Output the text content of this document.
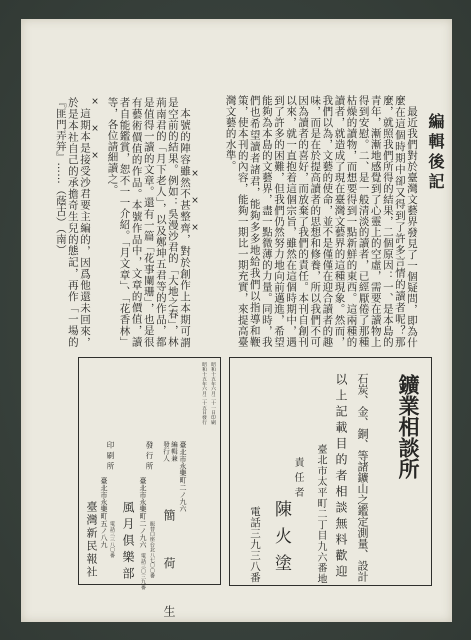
編輯後記
最近我們對於臺灣文藝界發見了一個疑問，即為什麼在這個時期中卻又得到了許多言情的讀者呢？那麼，就照我們所得的結果，二個原因：一、是本島的青年，漸漸地感覺到了心靈上的空虛，需要在讀物上得到安慰。二、是一般清淡的讀者，已經厭倦了那種枯燥的讀物，而想要得到一點新鮮的東西。這兩種的讀者，就造成了現在臺灣文藝界的這種現象。然而，我們以為，文藝的使命，並不是僅僅在迎合讀者的趣味，而是在於提高讀者的思想和修養，所以我們不可因為讀者的喜好，而放棄了我們的責任。本刊自創刊以來，就一直抱着這個宗旨，雖然在這個時期中，遇到了許多的困難，但我們仍然努力地向前邁進，希望能夠為本島的文藝界，盡一點微薄的力量。同時，我們也希望讀者諸君，能夠多多地給我們以指導和鞭策，使本刊的內容，能夠一期比一期充實，來提高臺灣文藝的水準。
×　×　×
本號的陣容雖然不甚整齊，對於創作上本期可謂是空前的結果。例如：吳漫沙君的「大地之春」，林荊南君的「月下老人」，以及鄭坤五君等的作品，都是值得一讀的文章。還有一篇「花事闌珊」，也是很有藝術價值的作品。本號作品中，文章的價值，讀者自能鑑賞，恕不一一介紹。「月文章」、「花香林」等，各位請細讀之。
×　×　×
這期本是接受沙君要主編的，因爲他還未回來，於是本社自己的承擔奇生兒的態記，再作「一場的『匪門弄笄』……（蔭古）（南）
昭和十五年六月二十一日印刷
昭和十五年六月二十五日發行
臺北市永樂町二ノ九六
編輯兼
發行人
簡　荷　生
發行所
臺北市永樂町二ノ九六
振替口座台北八七〇〇番
電話三〇三九番
風月俱樂部
印刷所
臺北市永樂町五ノ八九 電話三三八〇番
臺灣新民報社
鑛業相談所
石炭、金、銅、等諸鑛山之鑑定測量、設計
以上記載目的者相談無料歡迎
臺北市太平町二丁目九六番地
責任者
陳火塗
電話三九三八番
